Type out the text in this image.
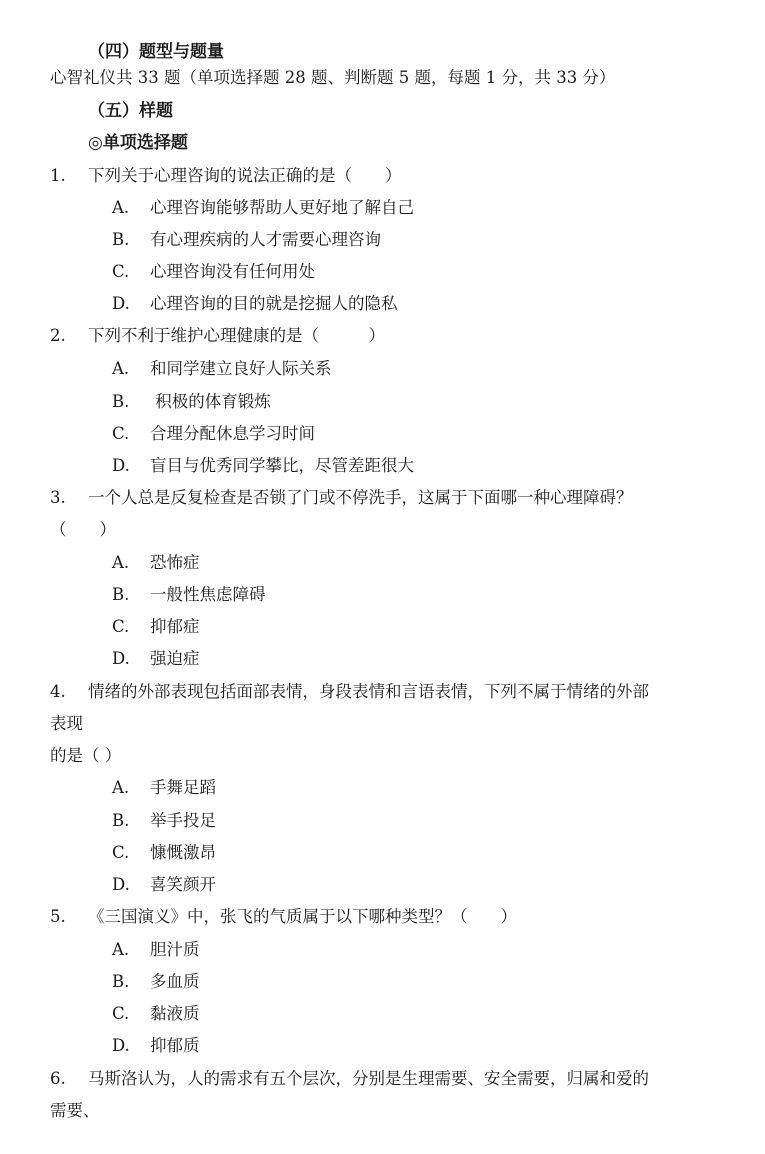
（四）题型与题量
心智礼仪共 33 题（单项选择题 28 题、判断题 5 题，每题 1 分，共 33 分）
（五）样题
◎单项选择题
1. 下列关于心理咨询的说法正确的是（　　）
A. 心理咨询能够帮助人更好地了解自己
B. 有心理疾病的人才需要心理咨询
C. 心理咨询没有任何用处
D. 心理咨询的目的就是挖掘人的隐私
2. 下列不利于维护心理健康的是（　　　）
A. 和同学建立良好人际关系
B. 积极的体育锻炼
C. 合理分配休息学习时间
D. 盲目与优秀同学攀比，尽管差距很大
3. 一个人总是反复检查是否锁了门或不停洗手，这属于下面哪一种心理障碍？
（　　）
A. 恐怖症
B. 一般性焦虑障碍
C. 抑郁症
D. 强迫症
4. 情绪的外部表现包括面部表情，身段表情和言语表情，下列不属于情绪的外部
表现
的是（ ）
A. 手舞足蹈
B. 举手投足
C. 慷慨激昂
D. 喜笑颜开
5. 《三国演义》中，张飞的气质属于以下哪种类型？（　　）
A. 胆汁质
B. 多血质
C. 黏液质
D. 抑郁质
6. 马斯洛认为，人的需求有五个层次，分别是生理需要、安全需要，归属和爱的
需要、
